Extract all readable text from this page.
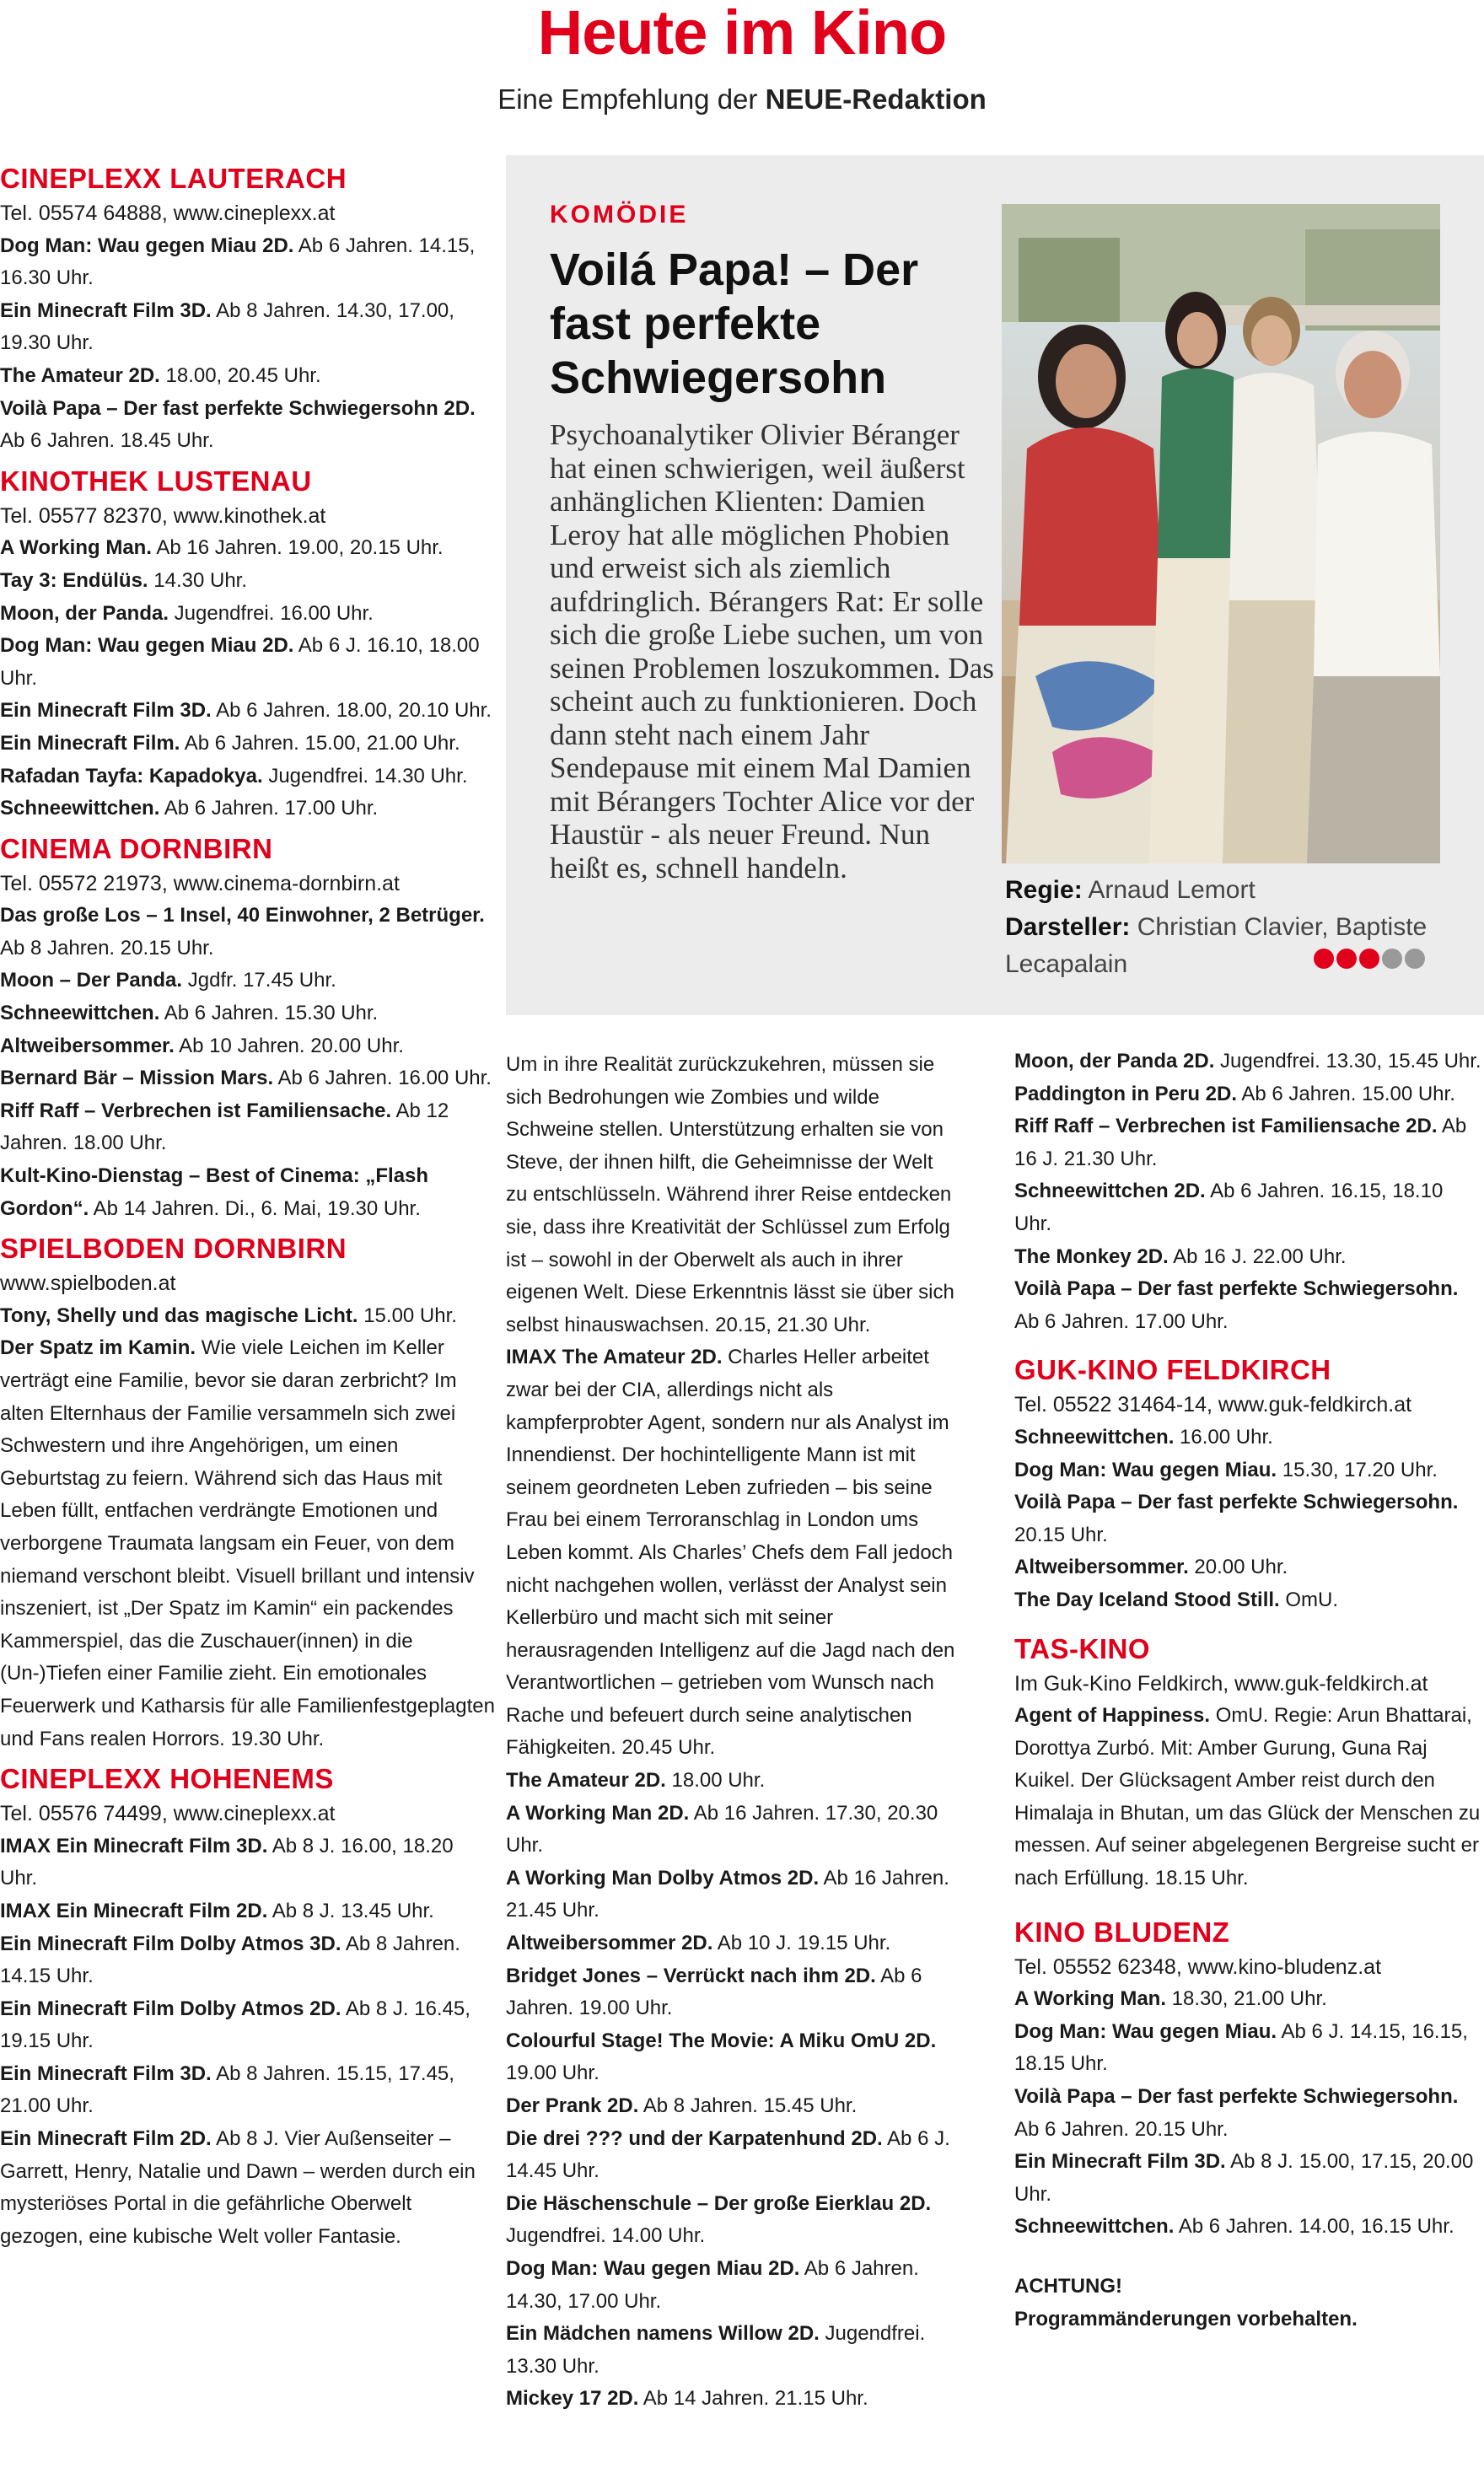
Heute im Kino
Eine Empfehlung der NEUE-Redaktion
CINEPLEXX LAUTERACH

Tel. 05574 64888, www.cineplexx.at

Dog Man: Wau gegen Miau 2D. Ab 6 Jahren. 14.15, 16.30 Uhr.

Ein Minecraft Film 3D. Ab 8 Jahren. 14.30, 17.00, 19.30 Uhr.

The Amateur 2D. 18.00, 20.45 Uhr.

Voilà Papa – Der fast perfekte Schwiegersohn 2D. Ab 6 Jahren. 18.45 Uhr.

KINOTHEK LUSTENAU

Tel. 05577 82370, www.kinothek.at

A Working Man. Ab 16 Jahren. 19.00, 20.15 Uhr.

Tay 3: Endülüs. 14.30 Uhr.

Moon, der Panda. Jugendfrei. 16.00 Uhr.

Dog Man: Wau gegen Miau 2D. Ab 6 J. 16.10, 18.00 Uhr.

Ein Minecraft Film 3D. Ab 6 Jahren. 18.00, 20.10 Uhr.

Ein Minecraft Film. Ab 6 Jahren. 15.00, 21.00 Uhr.

Rafadan Tayfa: Kapadokya. Jugendfrei. 14.30 Uhr.

Schneewittchen. Ab 6 Jahren. 17.00 Uhr.

CINEMA DORNBIRN

Tel. 05572 21973, www.cinema-dornbirn.at

Das große Los – 1 Insel, 40 Einwohner, 2 Betrüger. Ab 8 Jahren. 20.15 Uhr.

Moon – Der Panda. Jgdfr. 17.45 Uhr.

Schneewittchen. Ab 6 Jahren. 15.30 Uhr.

Altweibersommer. Ab 10 Jahren. 20.00 Uhr.

Bernard Bär – Mission Mars. Ab 6 Jahren. 16.00 Uhr.

Riff Raff – Verbrechen ist Familiensache. Ab 12 Jahren. 18.00 Uhr.

Kult-Kino-Dienstag – Best of Cinema: „Flash Gordon“. Ab 14 Jahren. Di., 6. Mai, 19.30 Uhr.

SPIELBODEN DORNBIRN

www.spielboden.at

Tony, Shelly und das magische Licht. 15.00 Uhr.

Der Spatz im Kamin. Wie viele Leichen im Keller verträgt eine Familie, bevor sie daran zerbricht? Im alten Elternhaus der Familie versammeln sich zwei Schwestern und ihre Angehörigen, um einen Geburtstag zu feiern. Während sich das Haus mit Leben füllt, entfachen verdrängte Emotionen und verborgene Traumata langsam ein Feuer, von dem niemand verschont bleibt. Visuell brillant und intensiv inszeniert, ist „Der Spatz im Kamin“ ein packendes Kammerspiel, das die Zuschauer(innen) in die (Un-)Tiefen einer Familie zieht. Ein emotionales Feuerwerk und Katharsis für alle Familienfestgeplagten und Fans realen Horrors. 19.30 Uhr.

CINEPLEXX HOHENEMS

Tel. 05576 74499, www.cineplexx.at

IMAX Ein Minecraft Film 3D. Ab 8 J. 16.00, 18.20 Uhr.

IMAX Ein Minecraft Film 2D. Ab 8 J. 13.45 Uhr.

Ein Minecraft Film Dolby Atmos 3D. Ab 8 Jahren. 14.15 Uhr.

Ein Minecraft Film Dolby Atmos 2D. Ab 8 J. 16.45, 19.15 Uhr.

Ein Minecraft Film 3D. Ab 8 Jahren. 15.15, 17.45, 21.00 Uhr.

Ein Minecraft Film 2D. Ab 8 J. Vier Außenseiter – Garrett, Henry, Natalie und Dawn – werden durch ein mysteriöses Portal in die gefährliche Oberwelt gezogen, eine kubische Welt voller Fantasie.

KOMÖDIE
Voilá Papa! – Der fast perfekte Schwiegersohn
Psychoanalytiker Olivier Béranger hat einen schwierigen, weil äußerst anhänglichen Klienten: Damien Leroy hat alle möglichen Phobien und erweist sich als ziemlich aufdringlich. Bérangers Rat: Er solle sich die große Liebe suchen, um von seinen Problemen loszukommen. Das scheint auch zu funktionieren. Doch dann steht nach einem Jahr Sendepause mit einem Mal Damien mit Bérangers Tochter Alice vor der Haustür - als neuer Freund. Nun heißt es, schnell handeln.
Regie: Arnaud Lemort
Darsteller: Christian Clavier, Baptiste Lecapalain

Um in ihre Realität zurückzukehren, müssen sie sich Bedrohungen wie Zombies und wilde Schweine stellen. Unterstützung erhalten sie von Steve, der ihnen hilft, die Geheimnisse der Welt zu entschlüsseln. Während ihrer Reise entdecken sie, dass ihre Kreativität der Schlüssel zum Erfolg ist – sowohl in der Oberwelt als auch in ihrer eigenen Welt. Diese Erkenntnis lässt sie über sich selbst hinauswachsen. 20.15, 21.30 Uhr.

IMAX The Amateur 2D. Charles Heller arbeitet zwar bei der CIA, allerdings nicht als kampferprobter Agent, sondern nur als Analyst im Innendienst. Der hochintelligente Mann ist mit seinem geordneten Leben zufrieden – bis seine Frau bei einem Terroranschlag in London ums Leben kommt. Als Charles’ Chefs dem Fall jedoch nicht nachgehen wollen, verlässt der Analyst sein Kellerbüro und macht sich mit seiner herausragenden Intelligenz auf die Jagd nach den Verantwortlichen – getrieben vom Wunsch nach Rache und befeuert durch seine analytischen Fähigkeiten. 20.45 Uhr.

The Amateur 2D. 18.00 Uhr.

A Working Man 2D. Ab 16 Jahren. 17.30, 20.30 Uhr.

A Working Man Dolby Atmos 2D. Ab 16 Jahren. 21.45 Uhr.

Altweibersommer 2D. Ab 10 J. 19.15 Uhr.

Bridget Jones – Verrückt nach ihm 2D. Ab 6 Jahren. 19.00 Uhr.

Colourful Stage! The Movie: A Miku OmU 2D. 19.00 Uhr.

Der Prank 2D. Ab 8 Jahren. 15.45 Uhr.

Die drei ??? und der Karpatenhund 2D. Ab 6 J. 14.45 Uhr.

Die Häschenschule – Der große Eierklau 2D. Jugendfrei. 14.00 Uhr.

Dog Man: Wau gegen Miau 2D. Ab 6 Jahren. 14.30, 17.00 Uhr.

Ein Mädchen namens Willow 2D. Jugendfrei. 13.30 Uhr.

Mickey 17 2D. Ab 14 Jahren. 21.15 Uhr.

Moon, der Panda 2D. Jugendfrei. 13.30, 15.45 Uhr.

Paddington in Peru 2D. Ab 6 Jahren. 15.00 Uhr.

Riff Raff – Verbrechen ist Familiensache 2D. Ab 16 J. 21.30 Uhr.

Schneewittchen 2D. Ab 6 Jahren. 16.15, 18.10 Uhr.

The Monkey 2D. Ab 16 J. 22.00 Uhr.

Voilà Papa – Der fast perfekte Schwiegersohn. Ab 6 Jahren. 17.00 Uhr.

GUK-KINO FELDKIRCH

Tel. 05522 31464-14, www.guk-feldkirch.at

Schneewittchen. 16.00 Uhr.

Dog Man: Wau gegen Miau. 15.30, 17.20 Uhr.

Voilà Papa – Der fast perfekte Schwiegersohn. 20.15 Uhr.

Altweibersommer. 20.00 Uhr.

The Day Iceland Stood Still. OmU.

TAS-KINO

Im Guk-Kino Feldkirch, www.guk-feldkirch.at

Agent of Happiness. OmU. Regie: Arun Bhattarai, Dorottya Zurbó. Mit: Amber Gurung, Guna Raj Kuikel. Der Glücksagent Amber reist durch den Himalaja in Bhutan, um das Glück der Menschen zu messen. Auf seiner abgelegenen Bergreise sucht er nach Erfüllung. 18.15 Uhr.

KINO BLUDENZ

Tel. 05552 62348, www.kino-bludenz.at

A Working Man. 18.30, 21.00 Uhr.

Dog Man: Wau gegen Miau. Ab 6 J. 14.15, 16.15, 18.15 Uhr.

Voilà Papa – Der fast perfekte Schwiegersohn. Ab 6 Jahren. 20.15 Uhr.

Ein Minecraft Film 3D. Ab 8 J. 15.00, 17.15, 20.00 Uhr.

Schneewittchen. Ab 6 Jahren. 14.00, 16.15 Uhr.

ACHTUNG!

Programmänderungen vorbehalten.
